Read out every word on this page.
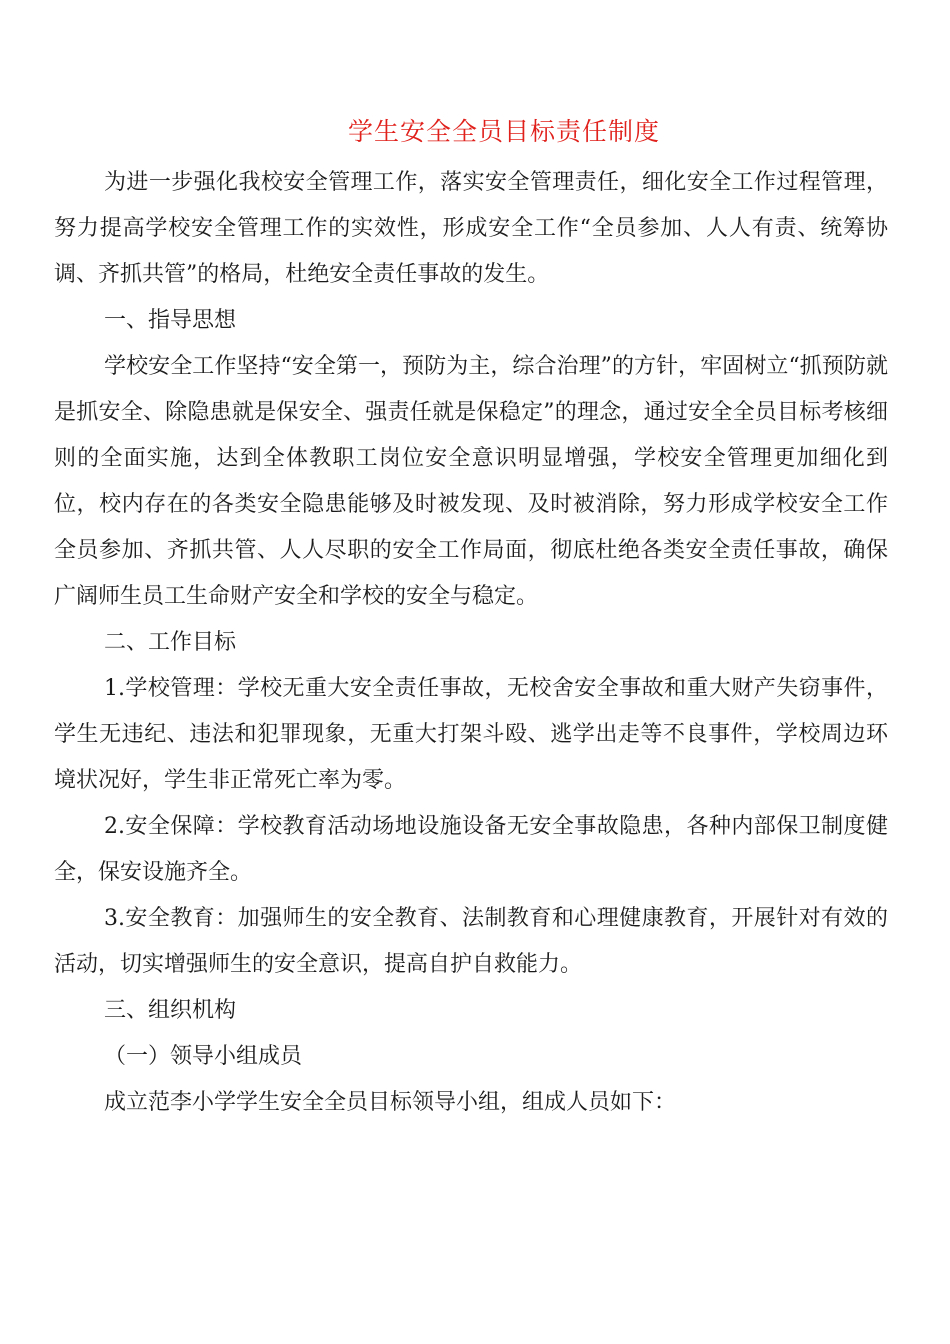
学生安全全员目标责任制度

为进一步强化我校安全管理工作，落实安全管理责任，细化安全工作过程管理，努力提高学校安全管理工作的实效性，形成安全工作“全员参加、人人有责、统筹协调、齐抓共管”的格局，杜绝安全责任事故的发生。

一、指导思想

学校安全工作坚持“安全第一，预防为主，综合治理”的方针，牢固树立“抓预防就是抓安全、除隐患就是保安全、强责任就是保稳定”的理念，通过安全全员目标考核细则的全面实施，达到全体教职工岗位安全意识明显增强，学校安全管理更加细化到位，校内存在的各类安全隐患能够及时被发现、及时被消除，努力形成学校安全工作全员参加、齐抓共管、人人尽职的安全工作局面，彻底杜绝各类安全责任事故，确保广阔师生员工生命财产安全和学校的安全与稳定。

二、工作目标

1.学校管理：学校无重大安全责任事故，无校舍安全事故和重大财产失窃事件，学生无违纪、违法和犯罪现象，无重大打架斗殴、逃学出走等不良事件，学校周边环境状况好，学生非正常死亡率为零。

2.安全保障：学校教育活动场地设施设备无安全事故隐患，各种内部保卫制度健全，保安设施齐全。

3.安全教育：加强师生的安全教育、法制教育和心理健康教育，开展针对有效的活动，切实增强师生的安全意识，提高自护自救能力。

三、组织机构

（一）领导小组成员

成立范李小学学生安全全员目标领导小组，组成人员如下：
